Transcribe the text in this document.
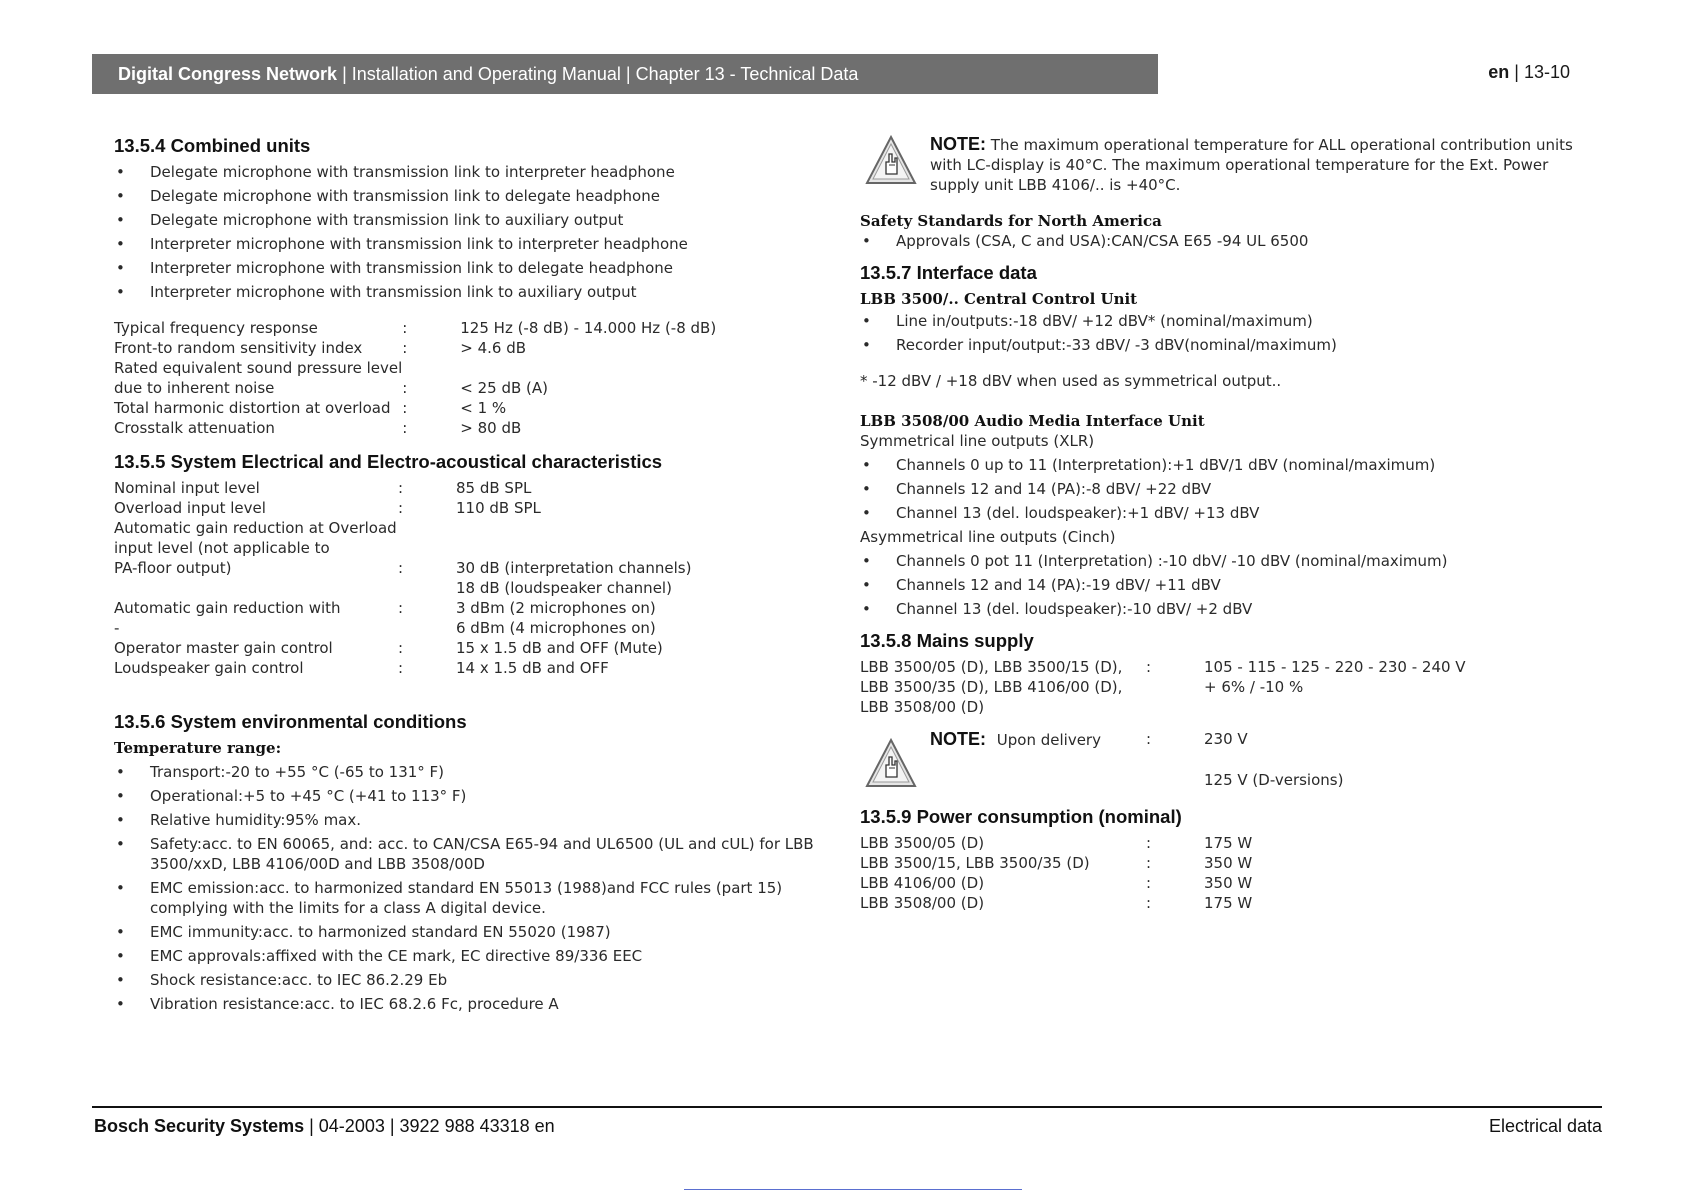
Digital Congress Network | Installation and Operating Manual | Chapter 13 - Technical Data	en | 13-10
13.5.4 Combined units
• Delegate microphone with transmission link to interpreter headphone
• Delegate microphone with transmission link to delegate headphone
• Delegate microphone with transmission link to auxiliary output
• Interpreter microphone with transmission link to interpreter headphone
• Interpreter microphone with transmission link to delegate headphone
• Interpreter microphone with transmission link to auxiliary output
Typical frequency response	:	125 Hz (-8 dB) - 14.000 Hz (-8 dB)
Front-to random sensitivity index	:	> 4.6 dB
Rated equivalent sound pressure level		
due to inherent noise	:	< 25 dB (A)
Total harmonic distortion at overload	:	< 1 %
Crosstalk attenuation	:	> 80 dB
13.5.5 System Electrical and Electro-acoustical characteristics
Nominal input level	:	85 dB SPL
Overload input level	:	110 dB SPL
Automatic gain reduction at Overload		
input level (not applicable to		
PA-floor output)	:	30 dB (interpretation channels)
		18 dB (loudspeaker channel)
Automatic gain reduction with	:	3 dBm (2 microphones on)
-		6 dBm (4 microphones on)
Operator master gain control	:	15 x 1.5 dB and OFF (Mute)
Loudspeaker gain control	:	14 x 1.5 dB and OFF
13.5.6 System environmental conditions
Temperature range:
• Transport:-20 to +55 °C (-65 to 131° F)
• Operational:+5 to +45 °C (+41 to 113° F)
• Relative humidity:95% max.
• Safety:acc. to EN 60065, and: acc. to CAN/CSA E65-94 and UL6500 (UL and cUL) for LBB 3500/xxD, LBB 4106/00D and LBB 3508/00D
• EMC emission:acc. to harmonized standard EN 55013 (1988)and FCC rules (part 15) complying with the limits for a class A digital device.
• EMC immunity:acc. to harmonized standard EN 55020 (1987)
• EMC approvals:affixed with the CE mark, EC directive 89/336 EEC
• Shock resistance:acc. to IEC 86.2.29 Eb
• Vibration resistance:acc. to IEC 68.2.6 Fc, procedure A
NOTE: The maximum operational temperature for ALL operational contribution units with LC-display is 40°C. The maximum operational temperature for the Ext. Power supply unit LBB 4106/.. is +40°C.
Safety Standards for North America
• Approvals (CSA, C and USA):CAN/CSA E65 -94 UL 6500
13.5.7 Interface data
LBB 3500/.. Central Control Unit
• Line in/outputs:-18 dBV/ +12 dBV* (nominal/maximum)
• Recorder input/output:-33 dBV/ -3 dBV(nominal/maximum)
* -12 dBV / +18 dBV when used as symmetrical output..
LBB 3508/00 Audio Media Interface Unit
Symmetrical line outputs (XLR)
• Channels 0 up to 11 (Interpretation):+1 dBV/1 dBV (nominal/maximum)
• Channels 12 and 14 (PA):-8 dBV/ +22 dBV
• Channel 13 (del. loudspeaker):+1 dBV/ +13 dBV
Asymmetrical line outputs (Cinch)
• Channels 0 pot 11 (Interpretation) :-10 dbV/ -10 dBV (nominal/maximum)
• Channels 12 and 14 (PA):-19 dBV/ +11 dBV
• Channel 13 (del. loudspeaker):-10 dBV/ +2 dBV
13.5.8 Mains supply
LBB 3500/05 (D), LBB 3500/15 (D),	:	105 - 115 - 125 - 220 - 230 - 240 V
LBB 3500/35 (D), LBB 4106/00 (D),		+ 6% / -10 %
LBB 3508/00 (D)		
NOTE: Upon delivery	:	230 V
		125 V (D-versions)
13.5.9 Power consumption (nominal)
LBB 3500/05 (D)	:	175 W
LBB 3500/15, LBB 3500/35 (D)	:	350 W
LBB 4106/00 (D)	:	350 W
LBB 3508/00 (D)	:	175 W
Bosch Security Systems | 04-2003 | 3922 988 43318 en	Electrical data
